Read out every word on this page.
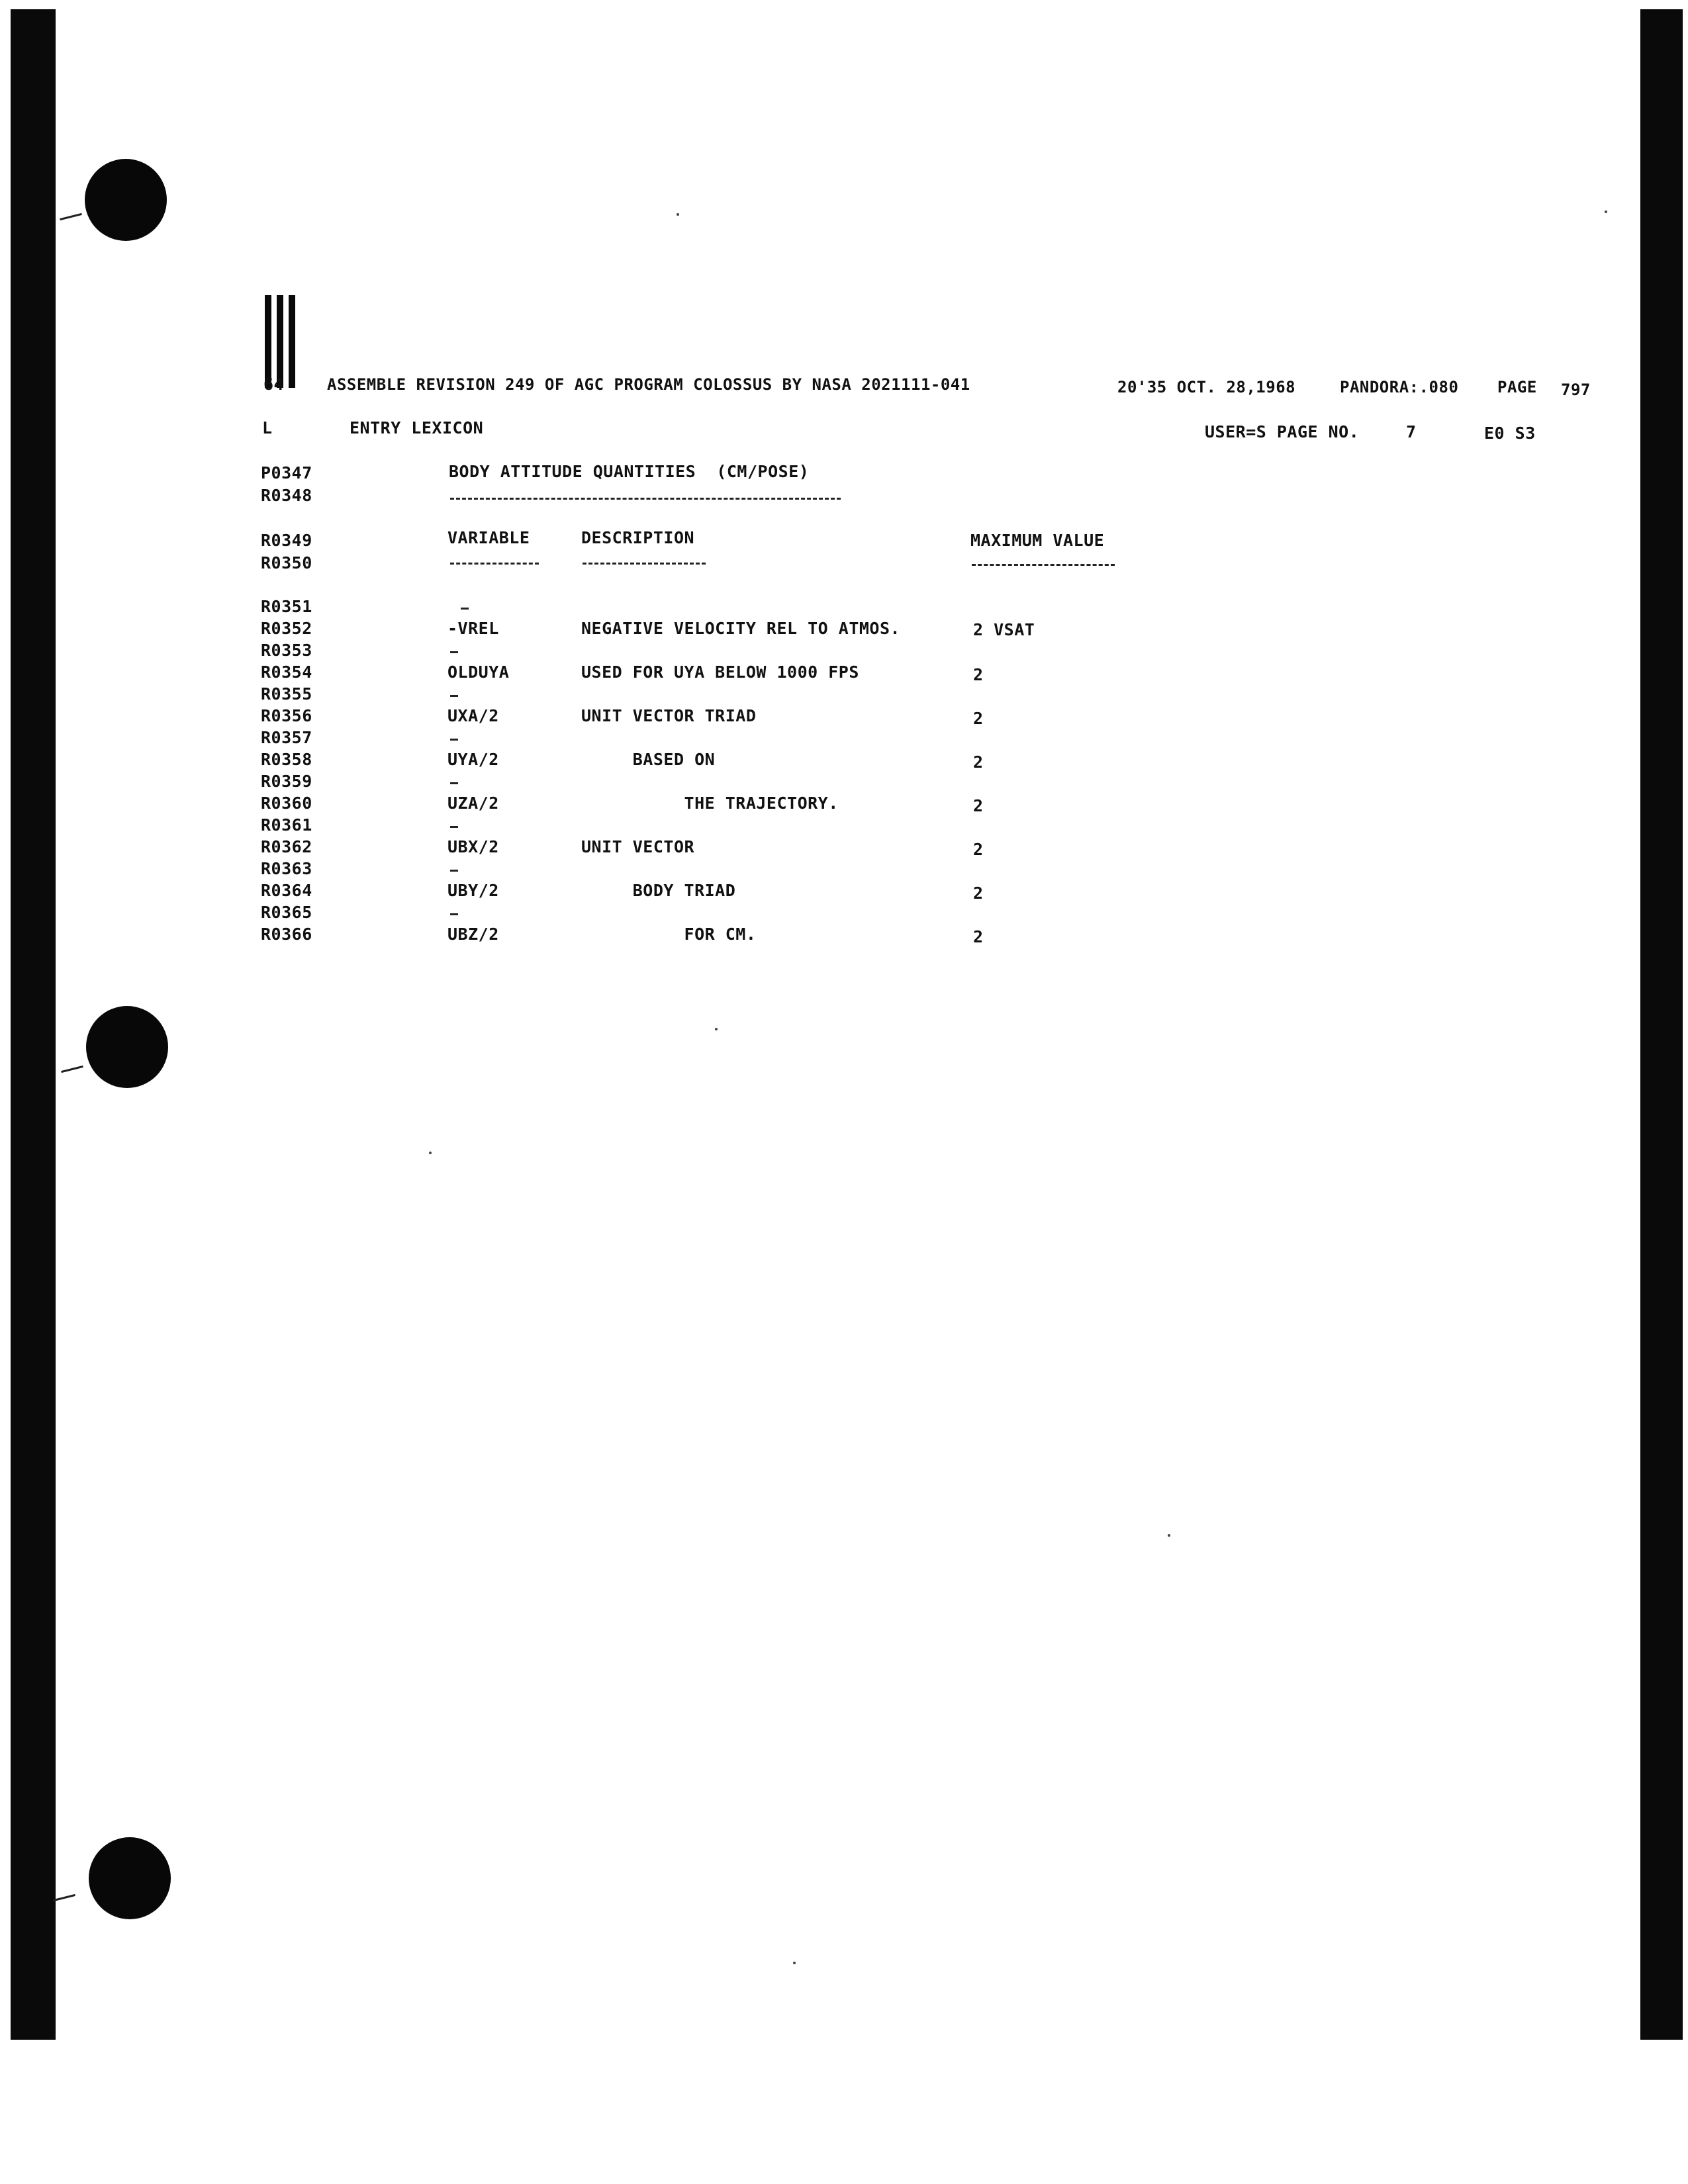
64	ASSEMBLE REVISION 249 OF AGC PROGRAM COLOSSUS BY NASA 2021111-041	20'35 OCT. 28,1968	PANDORA:.080 PAGE 797
L	ENTRY LEXICON	USER=S PAGE NO.	7	E0 S3
P0347	BODY ATTITUDE QUANTITIES  (CM/POSE)
R0348
R0349	VARIABLE	DESCRIPTION	MAXIMUM VALUE
R0350
R0351
R0352	-VREL	NEGATIVE VELOCITY REL TO ATMOS.	2 VSAT
R0353
R0354	OLDUYA	USED FOR UYA BELOW 1000 FPS	2
R0355
R0356	UXA/2	UNIT VECTOR TRIAD	2
R0357
R0358	UYA/2	BASED ON	2
R0359
R0360	UZA/2	THE TRAJECTORY.	2
R0361
R0362	UBX/2	UNIT VECTOR	2
R0363
R0364	UBY/2	BODY TRIAD	2
R0365
R0366	UBZ/2	FOR CM.	2
